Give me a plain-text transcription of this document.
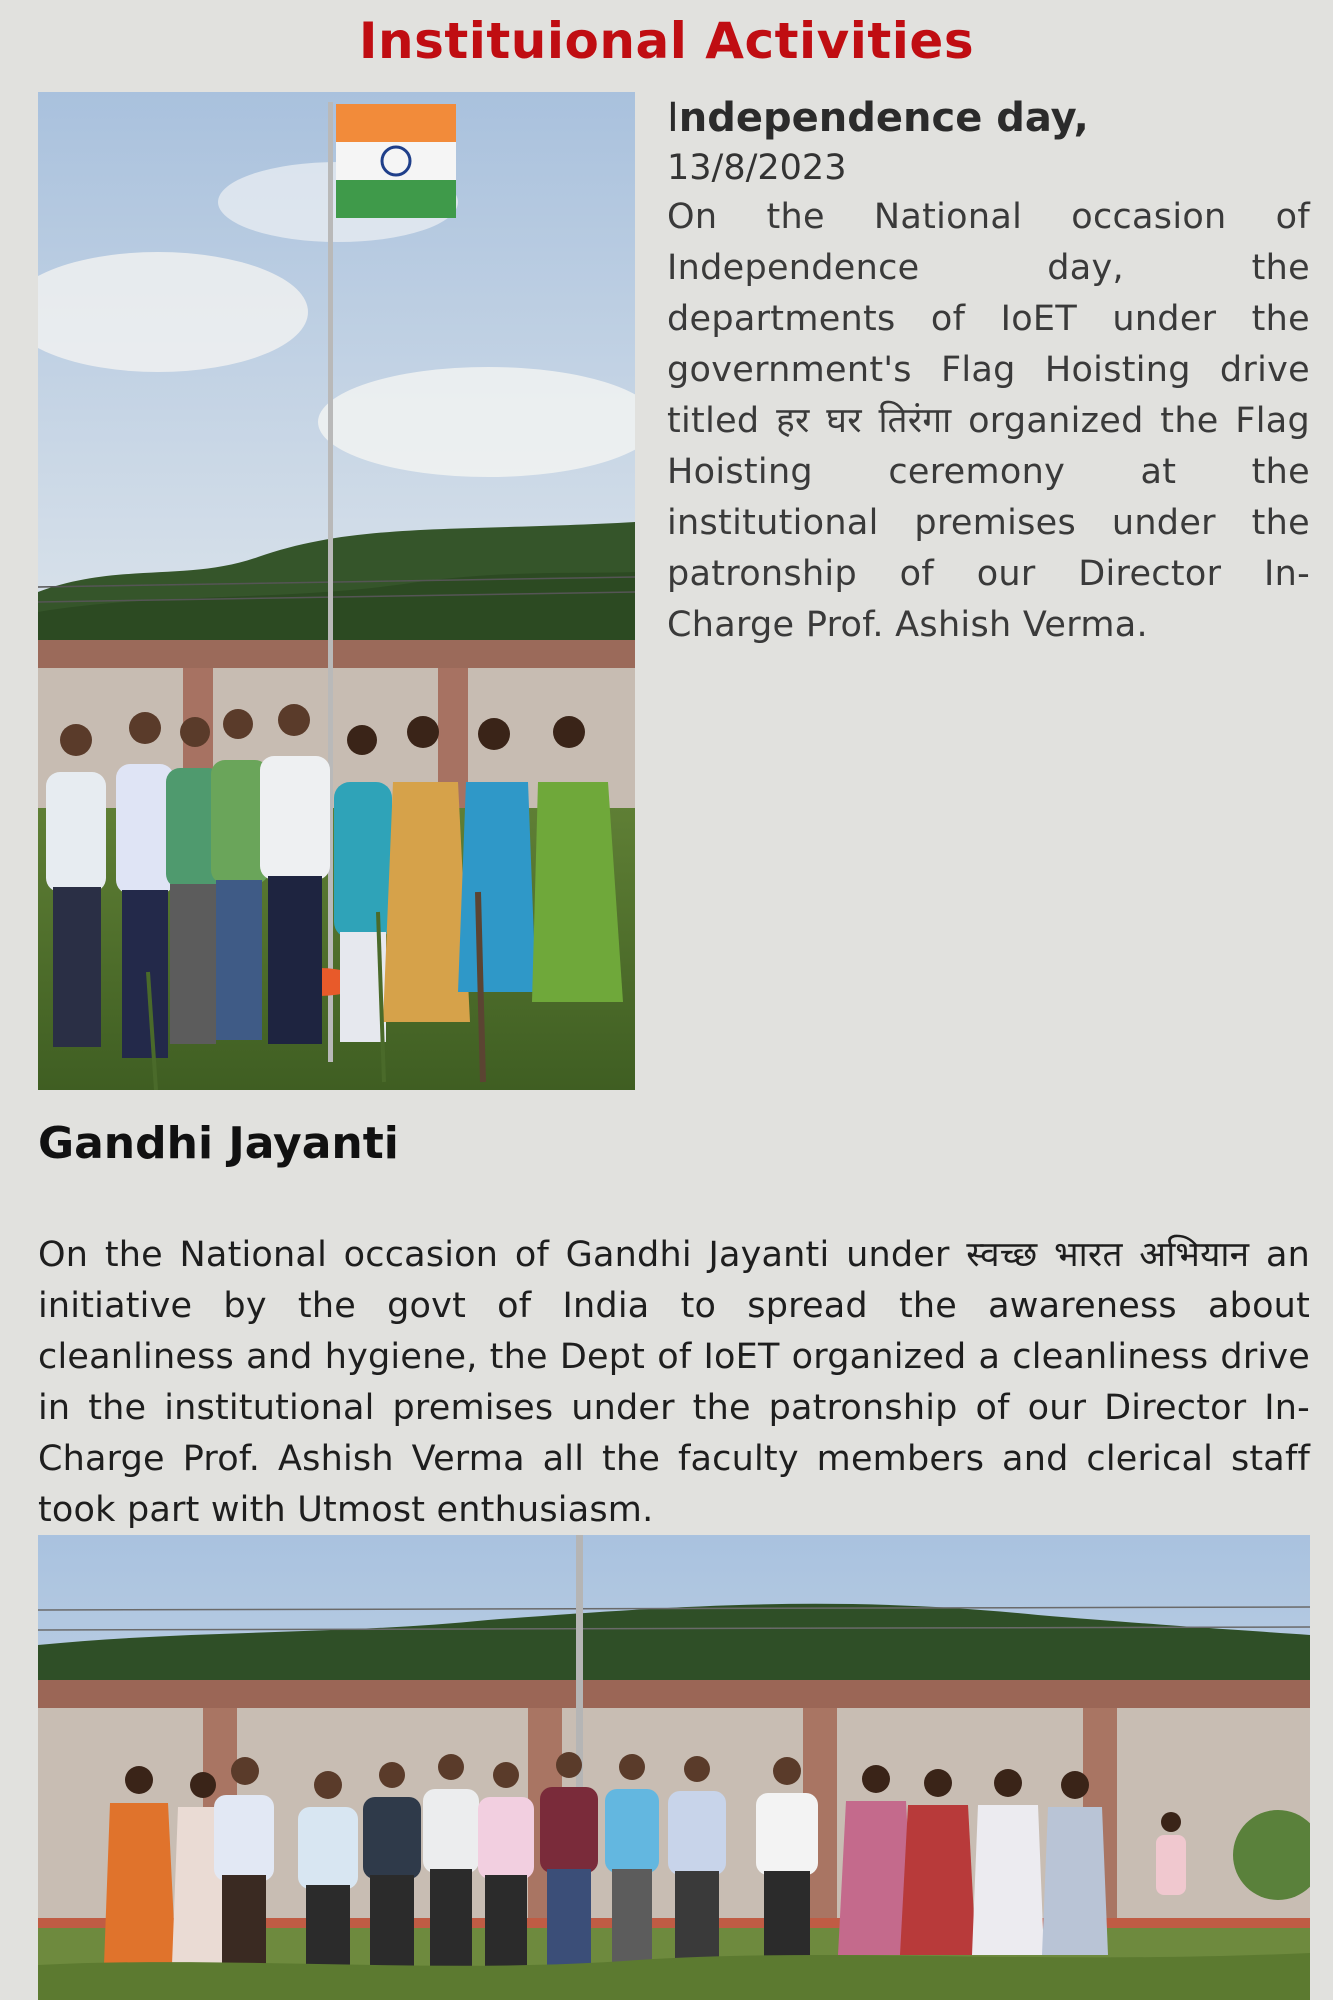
Instituional Activities
Independence day,
13/8/2023
On the National occasion of Independence day, the departments of IoET under the government's Flag Hoisting drive titled हर घर तिरंगा organized the Flag Hoisting ceremony at the institutional premises under the patronship of our Director In-Charge Prof. Ashish Verma.
Gandhi Jayanti
On the National occasion of Gandhi Jayanti under स्वच्छ भारत अभियान an initiative by the govt of India to spread the awareness about cleanliness and hygiene, the Dept of IoET organized a cleanliness drive in the institutional premises under the patronship of our Director In-Charge Prof. Ashish Verma all the faculty members and clerical staff took part with Utmost enthusiasm.
